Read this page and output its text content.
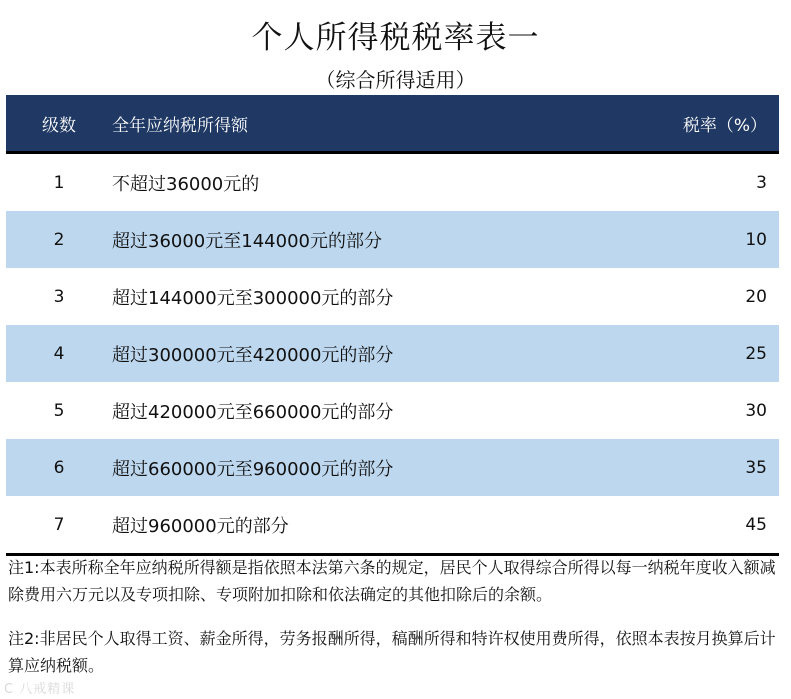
个人所得税税率表一
（综合所得适用）
级数	全年应纳税所得额	税率（%）
1	不超过36000元的	3
2	超过36000元至144000元的部分	10
3	超过144000元至300000元的部分	20
4	超过300000元至420000元的部分	25
5	超过420000元至660000元的部分	30
6	超过660000元至960000元的部分	35
7	超过960000元的部分	45

注1:本表所称全年应纳税所得额是指依照本法第六条的规定，居民个人取得综合所得以每一纳税年度收入额减除费用六万元以及专项扣除、专项附加扣除和依法确定的其他扣除后的余额。

注2:非居民个人取得工资、薪金所得，劳务报酬所得，稿酬所得和特许权使用费所得，依照本表按月换算后计算应纳税额。

C 八戒精课
